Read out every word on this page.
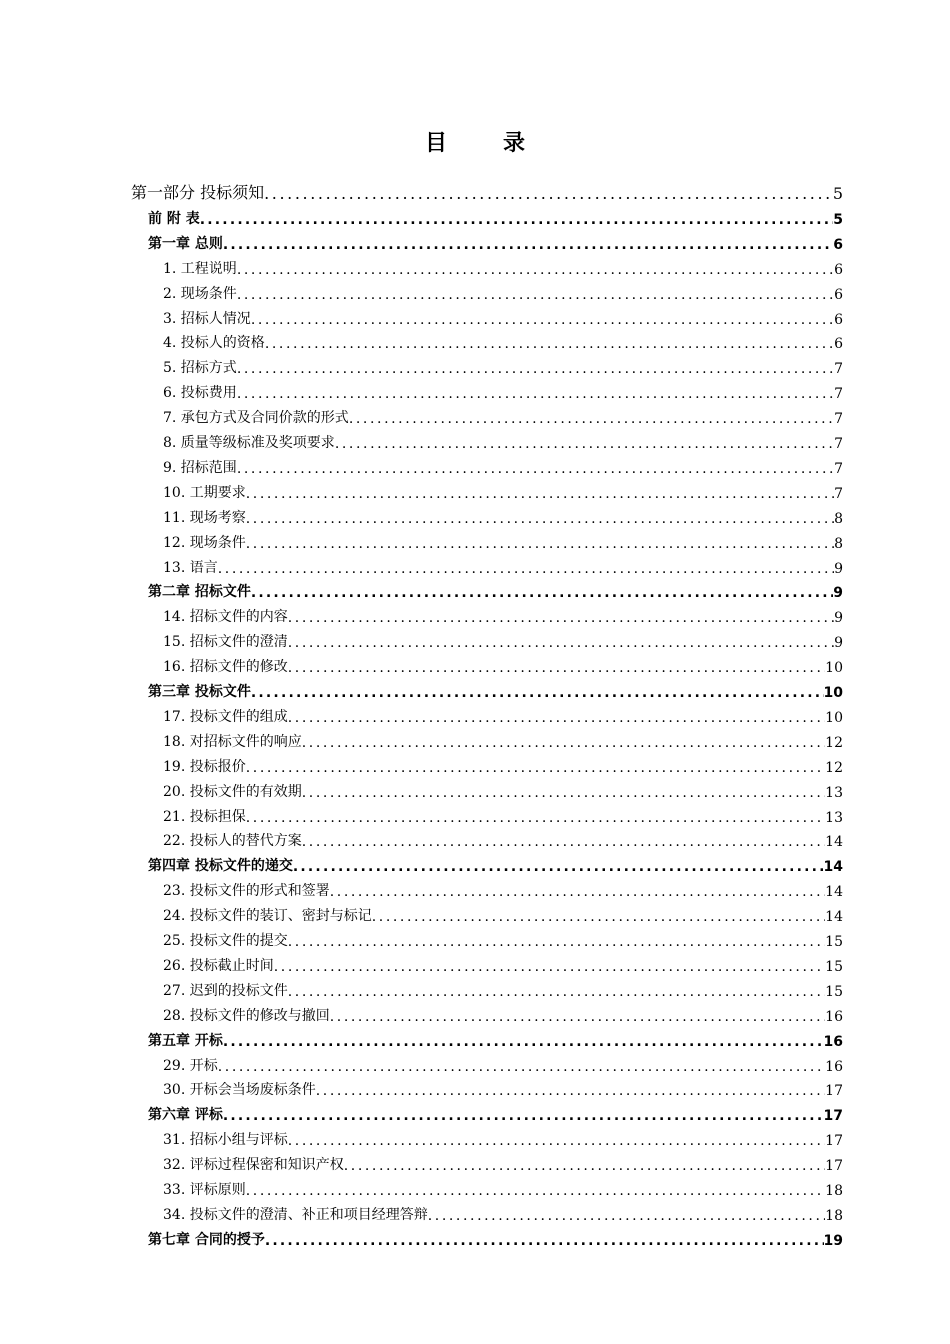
目	录
第一部分 投标须知 .....	5
前 附 表 .....	5
第一章 总则 .....	6
1. 工程说明 .....	6
2. 现场条件 .....	6
3. 招标人情况 .....	6
4. 投标人的资格 .....	6
5. 招标方式 .....	7
6. 投标费用 .....	7
7. 承包方式及合同价款的形式 .....	7
8. 质量等级标准及奖项要求 .....	7
9. 招标范围 .....	7
10. 工期要求 .....	7
11. 现场考察 .....	8
12. 现场条件 .....	8
13. 语言 .....	9
第二章 招标文件 .....	9
14. 招标文件的内容 .....	9
15. 招标文件的澄清 .....	9
16. 招标文件的修改 .....	10
第三章 投标文件 .....	10
17. 投标文件的组成 .....	10
18. 对招标文件的响应 .....	12
19. 投标报价 .....	12
20. 投标文件的有效期 .....	13
21. 投标担保 .....	13
22. 投标人的替代方案 .....	14
第四章 投标文件的递交 .....	14
23. 投标文件的形式和签署 .....	14
24. 投标文件的装订、密封与标记 .....	14
25. 投标文件的提交 .....	15
26. 投标截止时间 .....	15
27. 迟到的投标文件 .....	15
28. 投标文件的修改与撤回 .....	16
第五章 开标 .....	16
29. 开标 .....	16
30. 开标会当场废标条件 .....	17
第六章 评标 .....	17
31. 招标小组与评标 .....	17
32. 评标过程保密和知识产权 .....	17
33. 评标原则 .....	18
34. 投标文件的澄清、补正和项目经理答辩 .....	18
第七章 合同的授予 .....	19
